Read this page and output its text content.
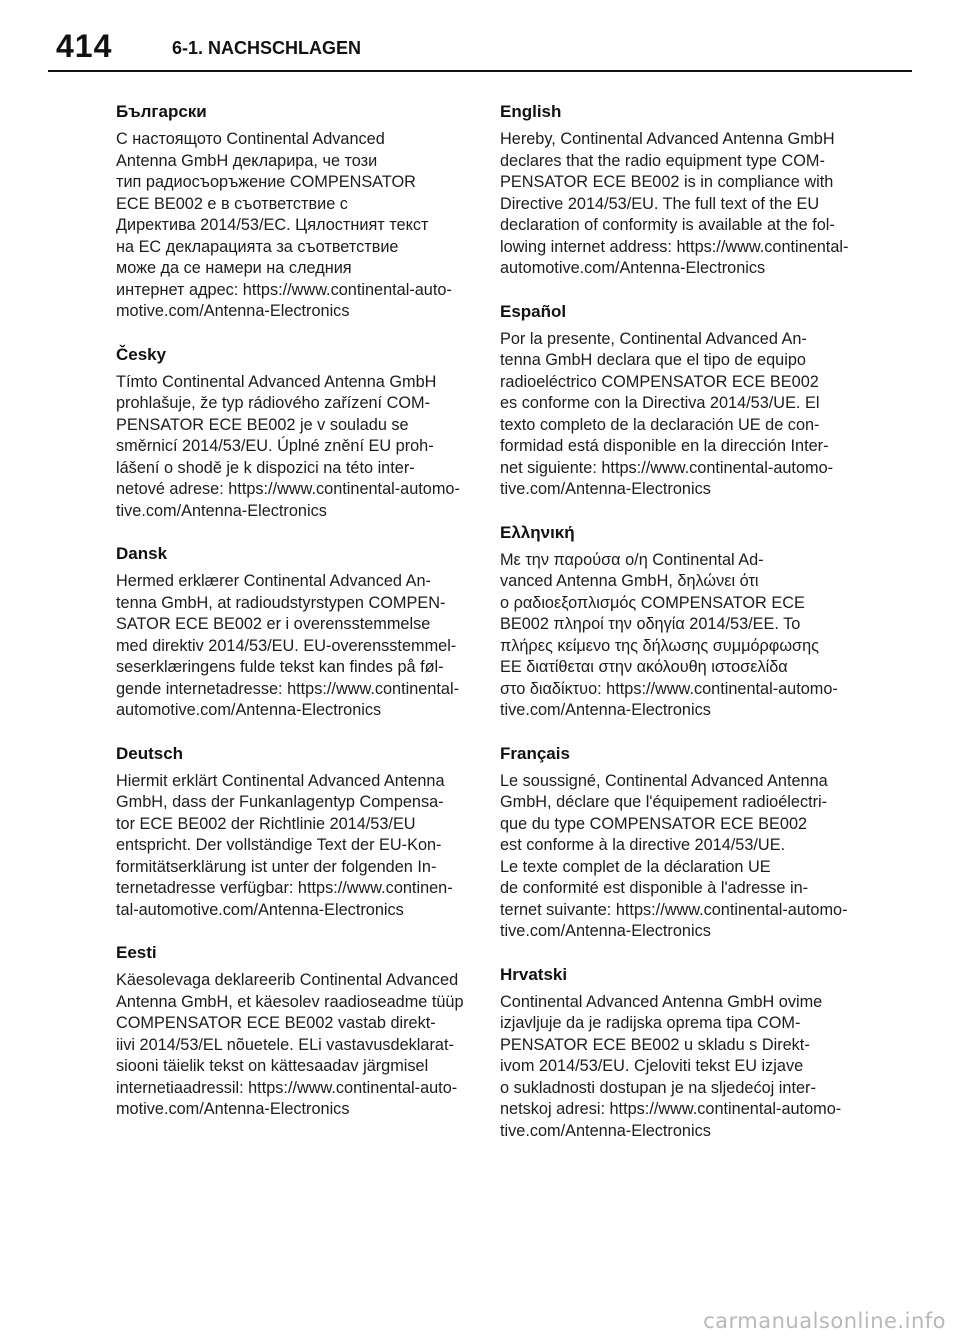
414	6-1. NACHSCHLAGEN
Български

С настоящото Continental Advanced
Antenna GmbH декларира, че този
тип радиосъоръжение COMPENSATOR
ECE BE002 е в съответствие с
Директива 2014/53/ЕС. Цялостният текст
на ЕС декларацията за съответствие
може да се намери на следния
интернет адрес: https://www.continental-auto-
motive.com/Antenna-Electronics

Česky

Tímto Continental Advanced Antenna GmbH
prohlašuje, že typ rádiového zařízení COM-
PENSATOR ECE BE002 je v souladu se
směrnicí 2014/53/EU. Úplné znění EU proh-
lášení o shodě je k dispozici na této inter-
netové adrese: https://www.continental-automo-
tive.com/Antenna-Electronics

Dansk

Hermed erklærer Continental Advanced An-
tenna GmbH, at radioudstyrstypen COMPEN-
SATOR ECE BE002 er i overensstemmelse
med direktiv 2014/53/EU. EU-overensstemmel-
seserklæringens fulde tekst kan findes på føl-
gende internetadresse: https://www.continental-
automotive.com/Antenna-Electronics

Deutsch

Hiermit erklärt Continental Advanced Antenna
GmbH, dass der Funkanlagentyp Compensa-
tor ECE BE002 der Richtlinie 2014/53/EU
entspricht. Der vollständige Text der EU-Kon-
formitätserklärung ist unter der folgenden In-
ternetadresse verfügbar: https://www.continen-
tal-automotive.com/Antenna-Electronics

Eesti

Käesolevaga deklareerib Continental Advanced
Antenna GmbH, et käesolev raadioseadme tüüp
COMPENSATOR ECE BE002 vastab direkt-
iivi 2014/53/EL nõuetele. ELi vastavusdeklarat-
siooni täielik tekst on kättesaadav järgmisel
internetiaadressil: https://www.continental-auto-
motive.com/Antenna-Electronics

English

Hereby, Continental Advanced Antenna GmbH
declares that the radio equipment type COM-
PENSATOR ECE BE002 is in compliance with
Directive 2014/53/EU. The full text of the EU
declaration of conformity is available at the fol-
lowing internet address: https://www.continental-
automotive.com/Antenna-Electronics

Español

Por la presente, Continental Advanced An-
tenna GmbH declara que el tipo de equipo
radioeléctrico COMPENSATOR ECE BE002
es conforme con la Directiva 2014/53/UE. El
texto completo de la declaración UE de con-
formidad está disponible en la dirección Inter-
net siguiente: https://www.continental-automo-
tive.com/Antenna-Electronics

Ελληνική

Με την παρούσα ο/η Continental Ad-
vanced Antenna GmbH, δηλώνει ότι
ο ραδιοεξοπλισμός COMPENSATOR ECE
BE002 πληροί την οδηγία 2014/53/ΕΕ. Το
πλήρες κείμενο της δήλωσης συμμόρφωσης
ΕΕ διατίθεται στην ακόλουθη ιστοσελίδα
στο διαδίκτυο: https://www.continental-automo-
tive.com/Antenna-Electronics

Français

Le soussigné, Continental Advanced Antenna
GmbH, déclare que l'équipement radioélectri-
que du type COMPENSATOR ECE BE002
est conforme à la directive 2014/53/UE.
Le texte complet de la déclaration UE
de conformité est disponible à l'adresse in-
ternet suivante: https://www.continental-automo-
tive.com/Antenna-Electronics

Hrvatski

Continental Advanced Antenna GmbH ovime
izjavljuje da je radijska oprema tipa COM-
PENSATOR ECE BE002 u skladu s Direkt-
ivom 2014/53/EU. Cjeloviti tekst EU izjave
o sukladnosti dostupan je na sljedećoj inter-
netskoj adresi: https://www.continental-automo-
tive.com/Antenna-Electronics

carmanualsonline.info
